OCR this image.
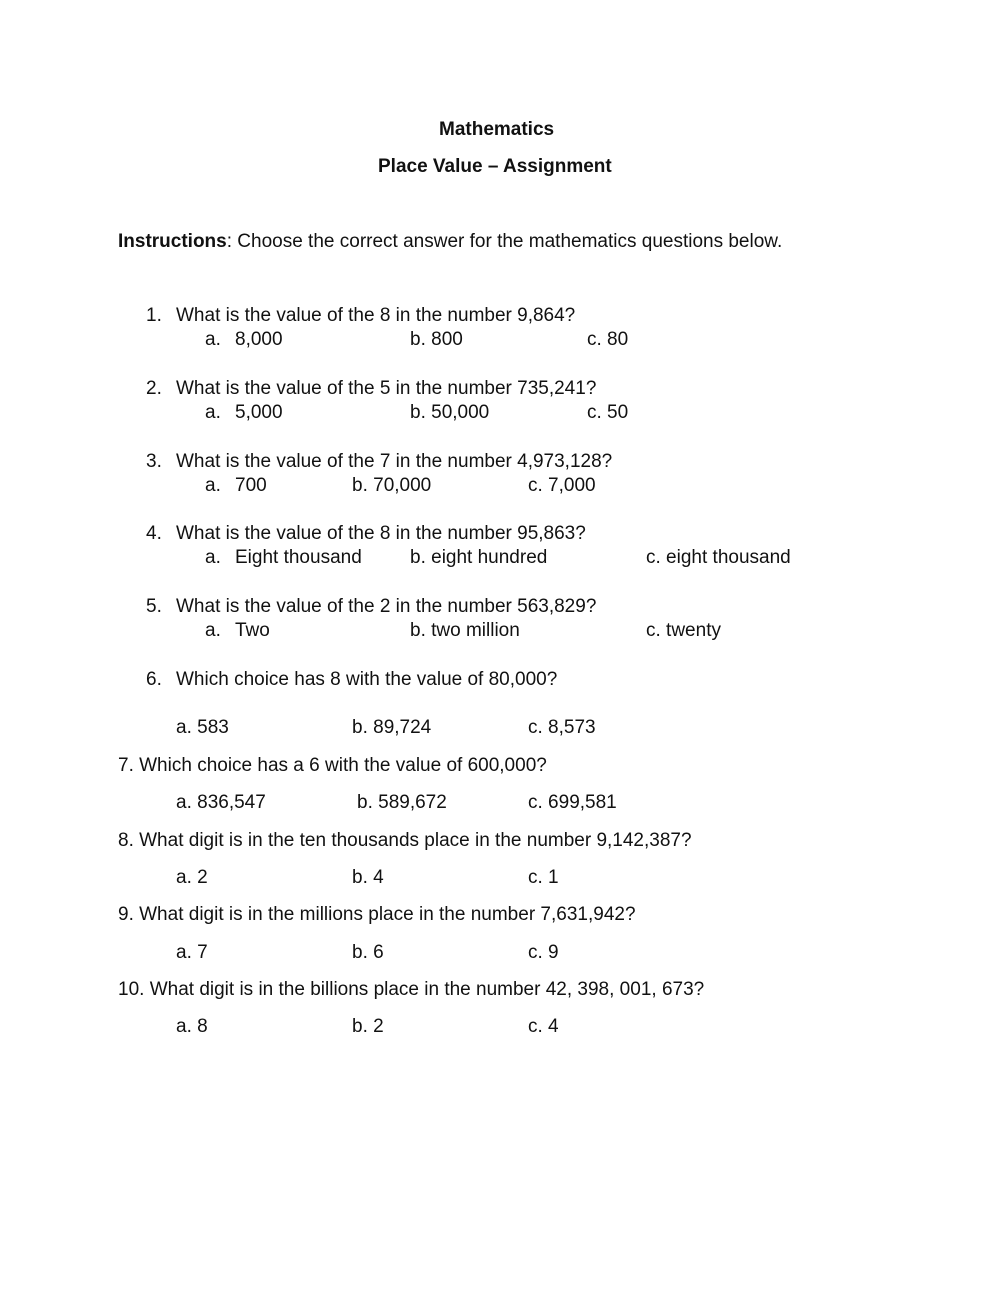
Mathematics
Place Value – Assignment
Instructions: Choose the correct answer for the mathematics questions below.
1. What is the value of the 8 in the number 9,864?
a. 8,000	b. 800	c. 80
2. What is the value of the 5 in the number 735,241?
a. 5,000	b. 50,000	c. 50
3. What is the value of the 7 in the number 4,973,128?
a. 700	b. 70,000	c. 7,000
4. What is the value of the 8 in the number 95,863?
a. Eight thousand	b. eight hundred	c. eight thousand
5. What is the value of the 2 in the number 563,829?
a. Two	b. two million	c. twenty
6. Which choice has 8 with the value of 80,000?
a. 583	b. 89,724	c. 8,573
7. Which choice has a 6 with the value of 600,000?
a. 836,547	b. 589,672	c. 699,581
8. What digit is in the ten thousands place in the number 9,142,387?
a. 2	b. 4	c. 1
9. What digit is in the millions place in the number 7,631,942?
a. 7	b. 6	c. 9
10. What digit is in the billions place in the number 42, 398, 001, 673?
a. 8	b. 2	c. 4
